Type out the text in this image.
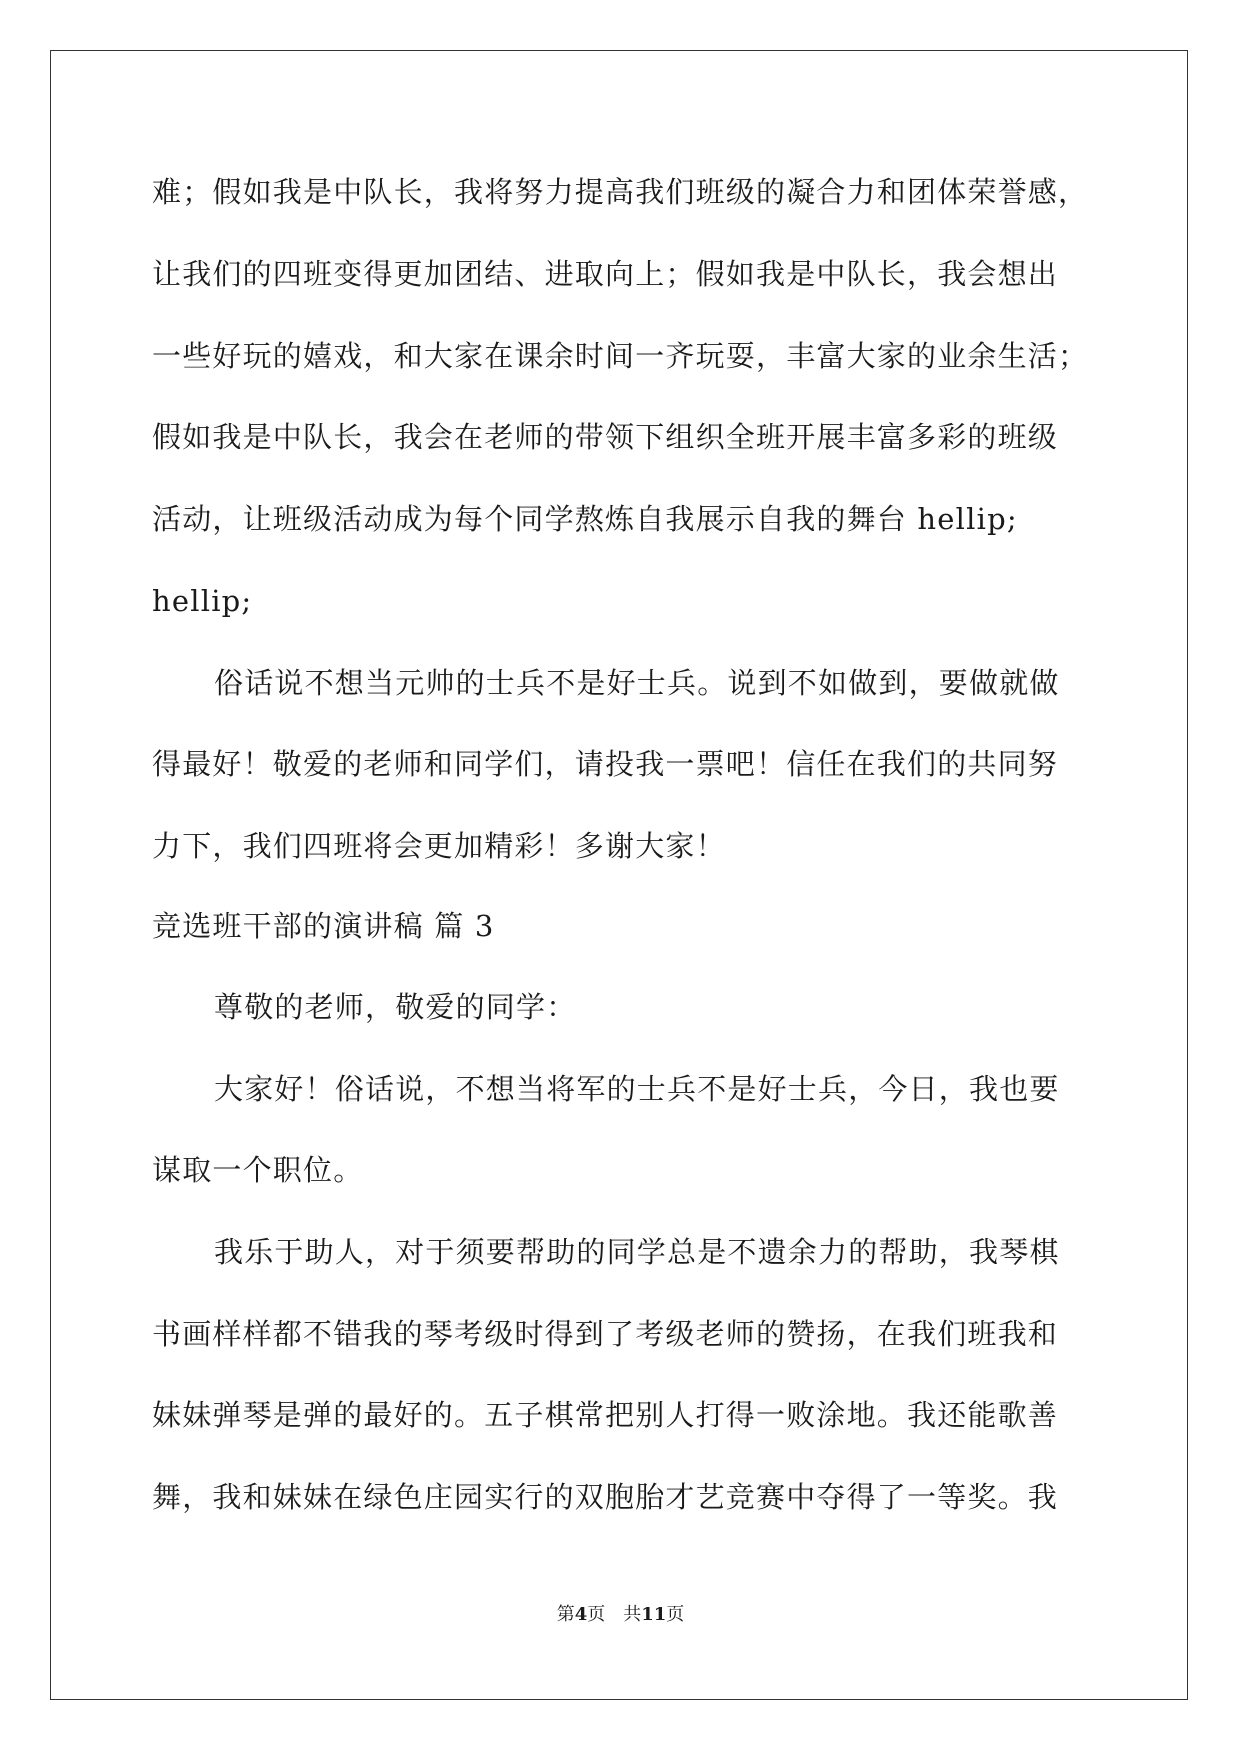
难；假如我是中队长，我将努力提高我们班级的凝合力和团体荣誉感，
让我们的四班变得更加团结、进取向上；假如我是中队长，我会想出
一些好玩的嬉戏，和大家在课余时间一齐玩耍，丰富大家的业余生活；
假如我是中队长，我会在老师的带领下组织全班开展丰富多彩的班级
活动，让班级活动成为每个同学熬炼自我展示自我的舞台 hellip;
hellip;
俗话说不想当元帅的士兵不是好士兵。说到不如做到，要做就做
得最好！敬爱的老师和同学们，请投我一票吧！信任在我们的共同努
力下，我们四班将会更加精彩！多谢大家！
竞选班干部的演讲稿 篇 3
尊敬的老师，敬爱的同学：
大家好！俗话说，不想当将军的士兵不是好士兵，今日，我也要
谋取一个职位。
我乐于助人，对于须要帮助的同学总是不遗余力的帮助，我琴棋
书画样样都不错我的琴考级时得到了考级老师的赞扬，在我们班我和
妹妹弹琴是弹的最好的。五子棋常把别人打得一败涂地。我还能歌善
舞，我和妹妹在绿色庄园实行的双胞胎才艺竞赛中夺得了一等奖。我
第4页 共11页
